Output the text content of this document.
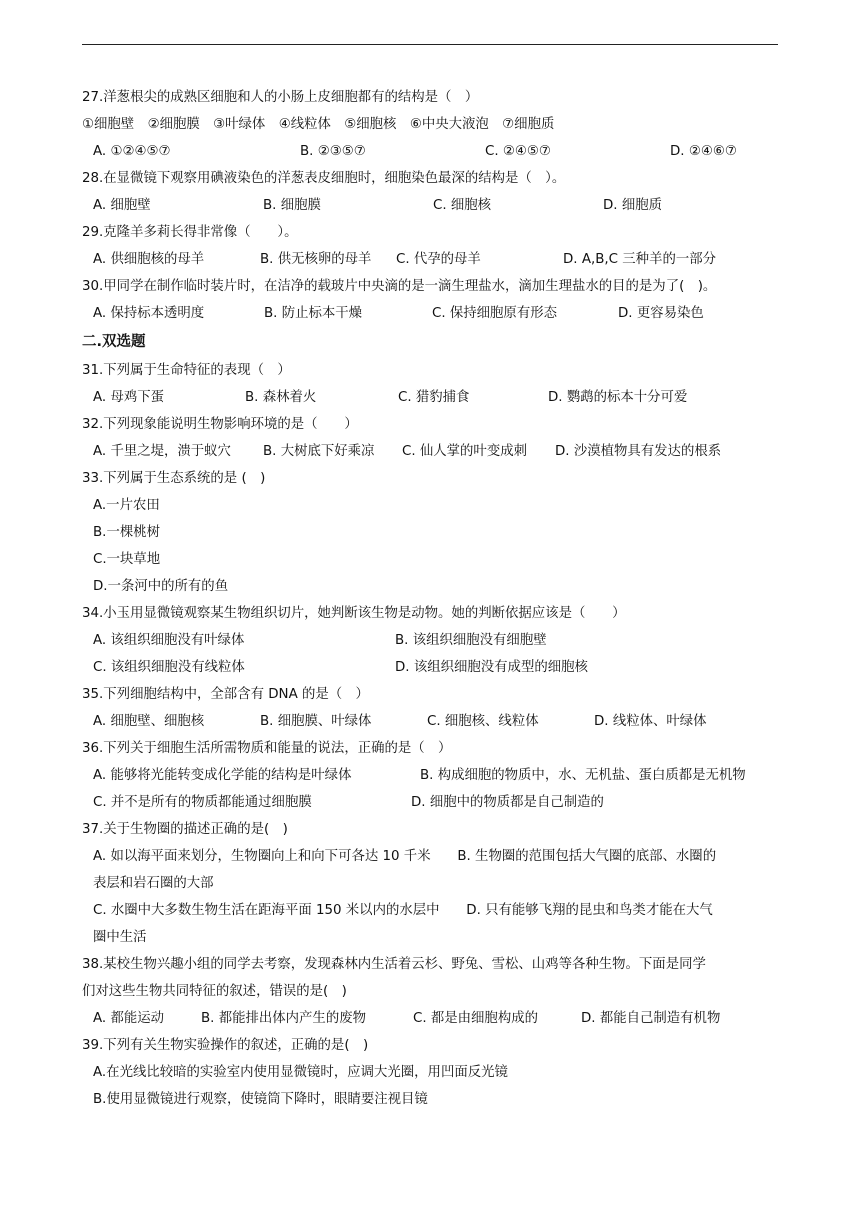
27.洋葱根尖的成熟区细胞和人的小肠上皮细胞都有的结构是（　）
①细胞壁　②细胞膜　③叶绿体　④线粒体　⑤细胞核　⑥中央大液泡　⑦细胞质
A. ①②④⑤⑦	B. ②③⑤⑦	C. ②④⑤⑦	D. ②④⑥⑦
28.在显微镜下观察用碘液染色的洋葱表皮细胞时，细胞染色最深的结构是（　）。
A. 细胞壁	B. 细胞膜	C. 细胞核	D. 细胞质
29.克隆羊多莉长得非常像（　　）。
A. 供细胞核的母羊	B. 供无核卵的母羊	C. 代孕的母羊	D. A,B,C 三种羊的一部分
30.甲同学在制作临时装片时，在洁净的载玻片中央滴的是一滴生理盐水，滴加生理盐水的目的是为了(　)。
A. 保持标本透明度	B. 防止标本干燥	C. 保持细胞原有形态	D. 更容易染色
二.双选题
31.下列属于生命特征的表现（　）
A. 母鸡下蛋	B. 森林着火	C. 猎豹捕食	D. 鹦鹉的标本十分可爱
32.下列现象能说明生物影响环境的是（　　）
A. 千里之堤，溃于蚁穴	B. 大树底下好乘凉	C. 仙人掌的叶变成刺	D. 沙漠植物具有发达的根系
33.下列属于生态系统的是 (　)
A.一片农田
B.一棵桃树
C.一块草地
D.一条河中的所有的鱼
34.小玉用显微镜观察某生物组织切片，她判断该生物是动物。她的判断依据应该是（　　）
A. 该组织细胞没有叶绿体	B. 该组织细胞没有细胞壁
C. 该组织细胞没有线粒体	D. 该组织细胞没有成型的细胞核
35.下列细胞结构中，全部含有 DNA 的是（　）
A. 细胞壁、细胞核	B. 细胞膜、叶绿体	C. 细胞核、线粒体	D. 线粒体、叶绿体
36.下列关于细胞生活所需物质和能量的说法，正确的是（　）
A. 能够将光能转变成化学能的结构是叶绿体	B. 构成细胞的物质中，水、无机盐、蛋白质都是无机物
C. 并不是所有的物质都能通过细胞膜	D. 细胞中的物质都是自己制造的
37.关于生物圈的描述正确的是(　)
A. 如以海平面来划分，生物圈向上和向下可各达 10 千米　　B. 生物圈的范围包括大气圈的底部、水圈的
表层和岩石圈的大部
C. 水圈中大多数生物生活在距海平面 150 米以内的水层中　　D. 只有能够飞翔的昆虫和鸟类才能在大气
圈中生活
38.某校生物兴趣小组的同学去考察，发现森林内生活着云杉、野兔、雪松、山鸡等各种生物。下面是同学
们对这些生物共同特征的叙述，错误的是(　)
A. 都能运动	B. 都能排出体内产生的废物	C. 都是由细胞构成的	D. 都能自己制造有机物
39.下列有关生物实验操作的叙述，正确的是(　)
A.在光线比较暗的实验室内使用显微镜时，应调大光圈，用凹面反光镜
B.使用显微镜进行观察，使镜筒下降时，眼睛要注视目镜
